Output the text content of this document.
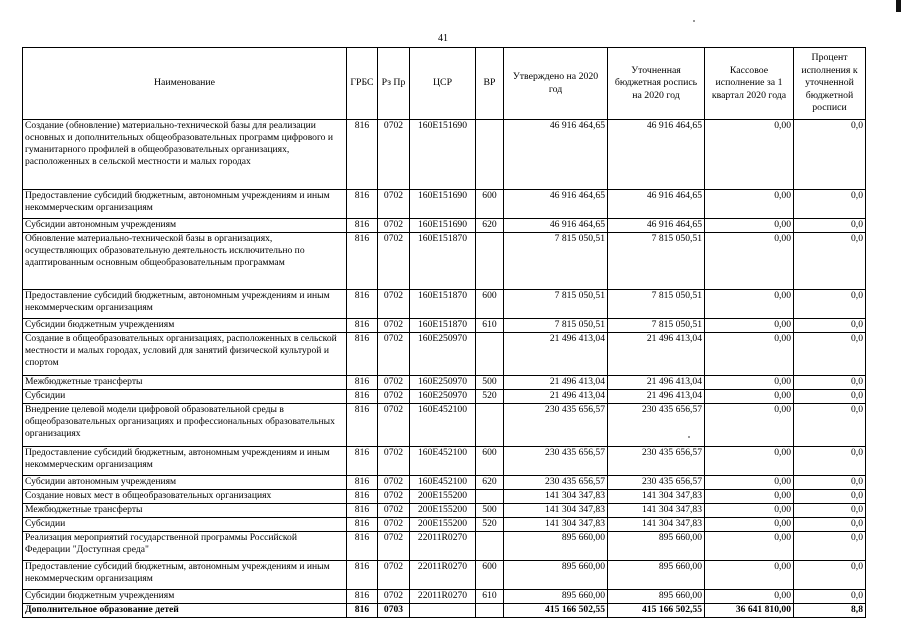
41
Наименование	ГРБС	Рз Пр	ЦСР	ВР	Утверждено на 2020 год	Уточненная бюджетная роспись на 2020 год	Кассовое исполнение за 1 квартал 2020 года	Процент исполнения к уточненной бюджетной росписи
Создание (обновление) материально-технической базы для реализации основных и дополнительных общеобразовательных программ цифрового и гуманитарного профилей в общеобразовательных организациях, расположенных в сельской местности и малых городах	816	0702	160E151690		46 916 464,65	46 916 464,65	0,00	0,0
Предоставление субсидий бюджетным, автономным учреждениям и иным некоммерческим организациям	816	0702	160E151690	600	46 916 464,65	46 916 464,65	0,00	0,0
Субсидии автономным учреждениям	816	0702	160E151690	620	46 916 464,65	46 916 464,65	0,00	0,0
Обновление материально-технической базы в организациях, осуществляющих образовательную деятельность исключительно по адаптированным основным общеобразовательным программам	816	0702	160E151870		7 815 050,51	7 815 050,51	0,00	0,0
Предоставление субсидий бюджетным, автономным учреждениям и иным некоммерческим организациям	816	0702	160E151870	600	7 815 050,51	7 815 050,51	0,00	0,0
Субсидии бюджетным учреждениям	816	0702	160E151870	610	7 815 050,51	7 815 050,51	0,00	0,0
Создание в общеобразовательных организациях, расположенных в сельской местности и малых городах, условий для занятий физической культурой и спортом	816	0702	160E250970		21 496 413,04	21 496 413,04	0,00	0,0
Межбюджетные трансферты	816	0702	160E250970	500	21 496 413,04	21 496 413,04	0,00	0,0
Субсидии	816	0702	160E250970	520	21 496 413,04	21 496 413,04	0,00	0,0
Внедрение целевой модели цифровой образовательной среды в общеобразовательных организациях и профессиональных образовательных организациях	816	0702	160E452100		230 435 656,57	230 435 656,57	0,00	0,0
Предоставление субсидий бюджетным, автономным учреждениям и иным некоммерческим организациям	816	0702	160E452100	600	230 435 656,57	230 435 656,57	0,00	0,0
Субсидии автономным учреждениям	816	0702	160E452100	620	230 435 656,57	230 435 656,57	0,00	0,0
Создание новых мест в общеобразовательных организациях	816	0702	200E155200		141 304 347,83	141 304 347,83	0,00	0,0
Межбюджетные трансферты	816	0702	200E155200	500	141 304 347,83	141 304 347,83	0,00	0,0
Субсидии	816	0702	200E155200	520	141 304 347,83	141 304 347,83	0,00	0,0
Реализация мероприятий государственной программы Российской Федерации "Доступная среда"	816	0702	22011R0270		895 660,00	895 660,00	0,00	0,0
Предоставление субсидий бюджетным, автономным учреждениям и иным некоммерческим организациям	816	0702	22011R0270	600	895 660,00	895 660,00	0,00	0,0
Субсидии бюджетным учреждениям	816	0702	22011R0270	610	895 660,00	895 660,00	0,00	0,0
Дополнительное образование детей	816	0703			415 166 502,55	415 166 502,55	36 641 810,00	8,8
